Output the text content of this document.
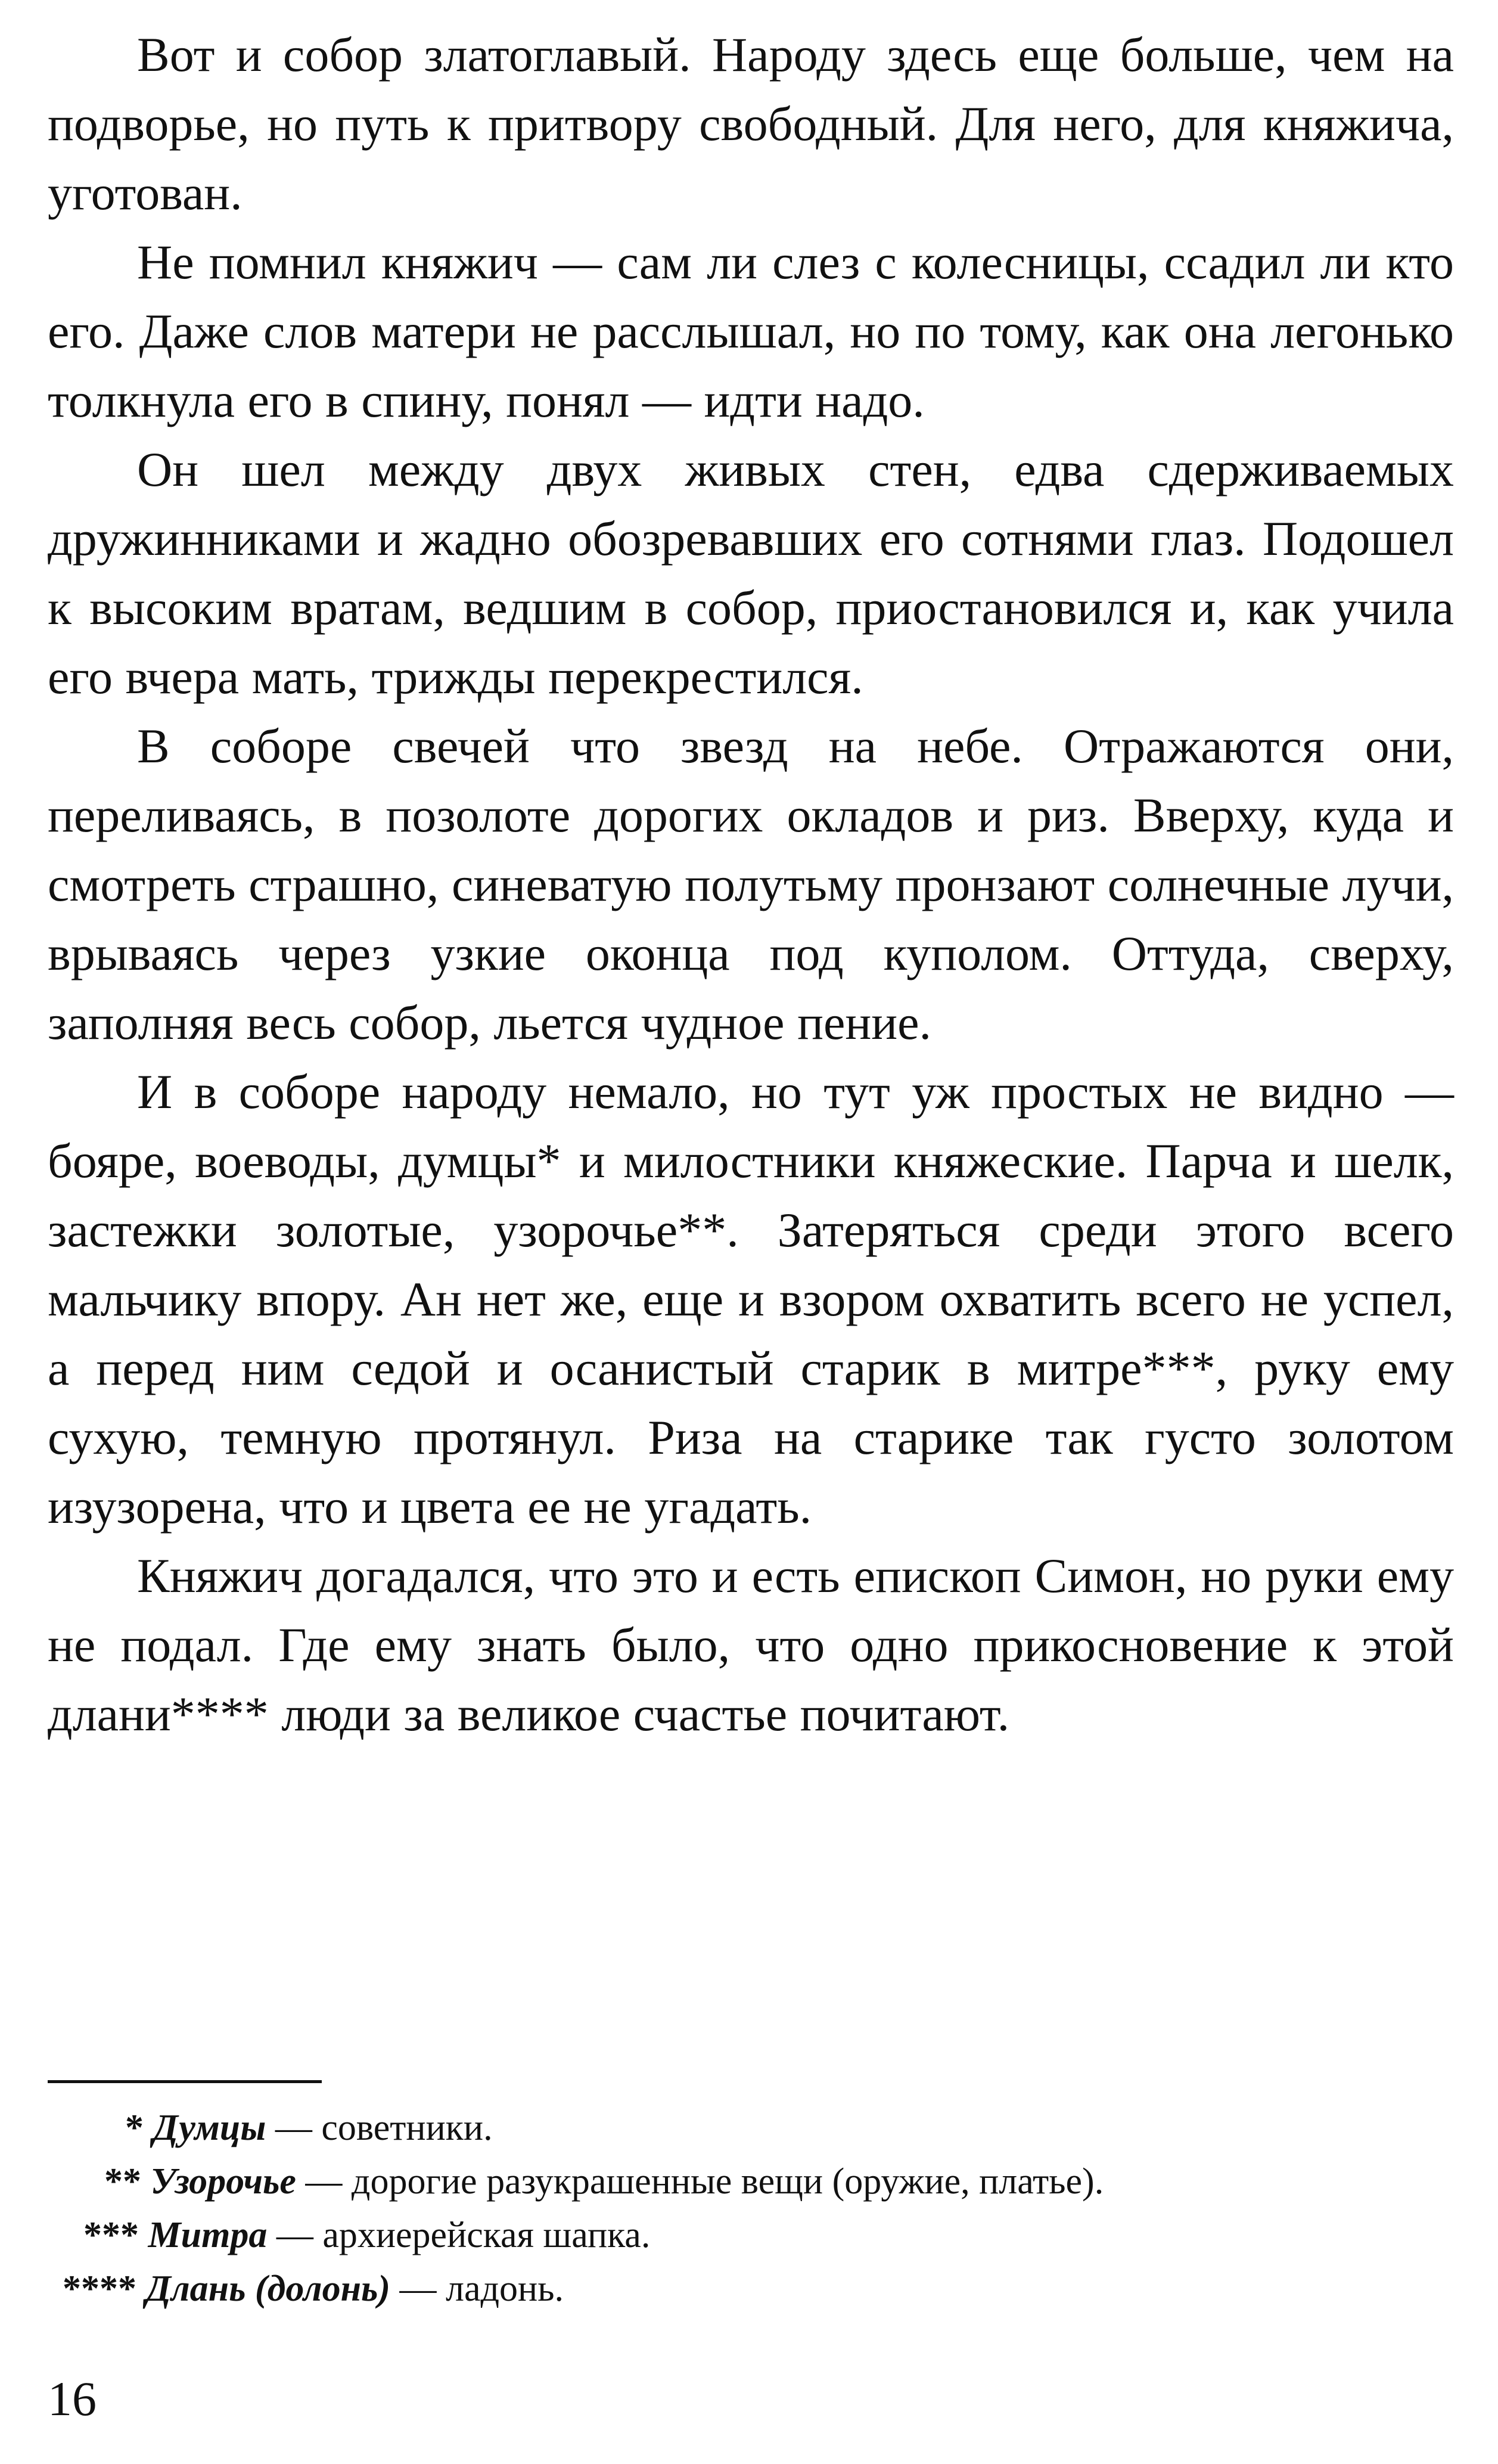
Вот и собор златоглавый. Народу здесь еще больше, чем на подворье, но путь к притвору свободный. Для него, для княжича, уготован.

Не помнил княжич — сам ли слез с колесницы, ссадил ли кто его. Даже слов матери не расслышал, но по тому, как она легонько толкнула его в спину, понял — идти надо.

Он шел между двух живых стен, едва сдерживаемых дружинниками и жадно обозревавших его сотнями глаз. Подошел к высоким вратам, ведшим в собор, приостановился и, как учила его вчера мать, трижды перекрестился.

В соборе свечей что звезд на небе. Отражаются они, переливаясь, в позолоте дорогих окладов и риз. Вверху, куда и смотреть страшно, синеватую полутьму пронзают солнечные лучи, врываясь через узкие оконца под куполом. Оттуда, сверху, заполняя весь собор, льется чудное пение.

И в соборе народу немало, но тут уж простых не видно — бояре, воеводы, думцы* и милостники княжеские. Парча и шелк, застежки золотые, узорочье**. Затеряться среди этого всего мальчику впору. Ан нет же, еще и взором охватить всего не успел, а перед ним седой и осанистый старик в митре***, руку ему сухую, темную протянул. Риза на старике так густо золотом изузорена, что и цвета ее не угадать.

Княжич догадался, что это и есть епископ Симон, но руки ему не подал. Где ему знать было, что одно прикосновение к этой длани**** люди за великое счастье почитают.

* Думцы — советники.
** Узорочье — дорогие разукрашенные вещи (оружие, платье).
*** Митра — архиерейская шапка.
**** Длань (долонь) — ладонь.
16
